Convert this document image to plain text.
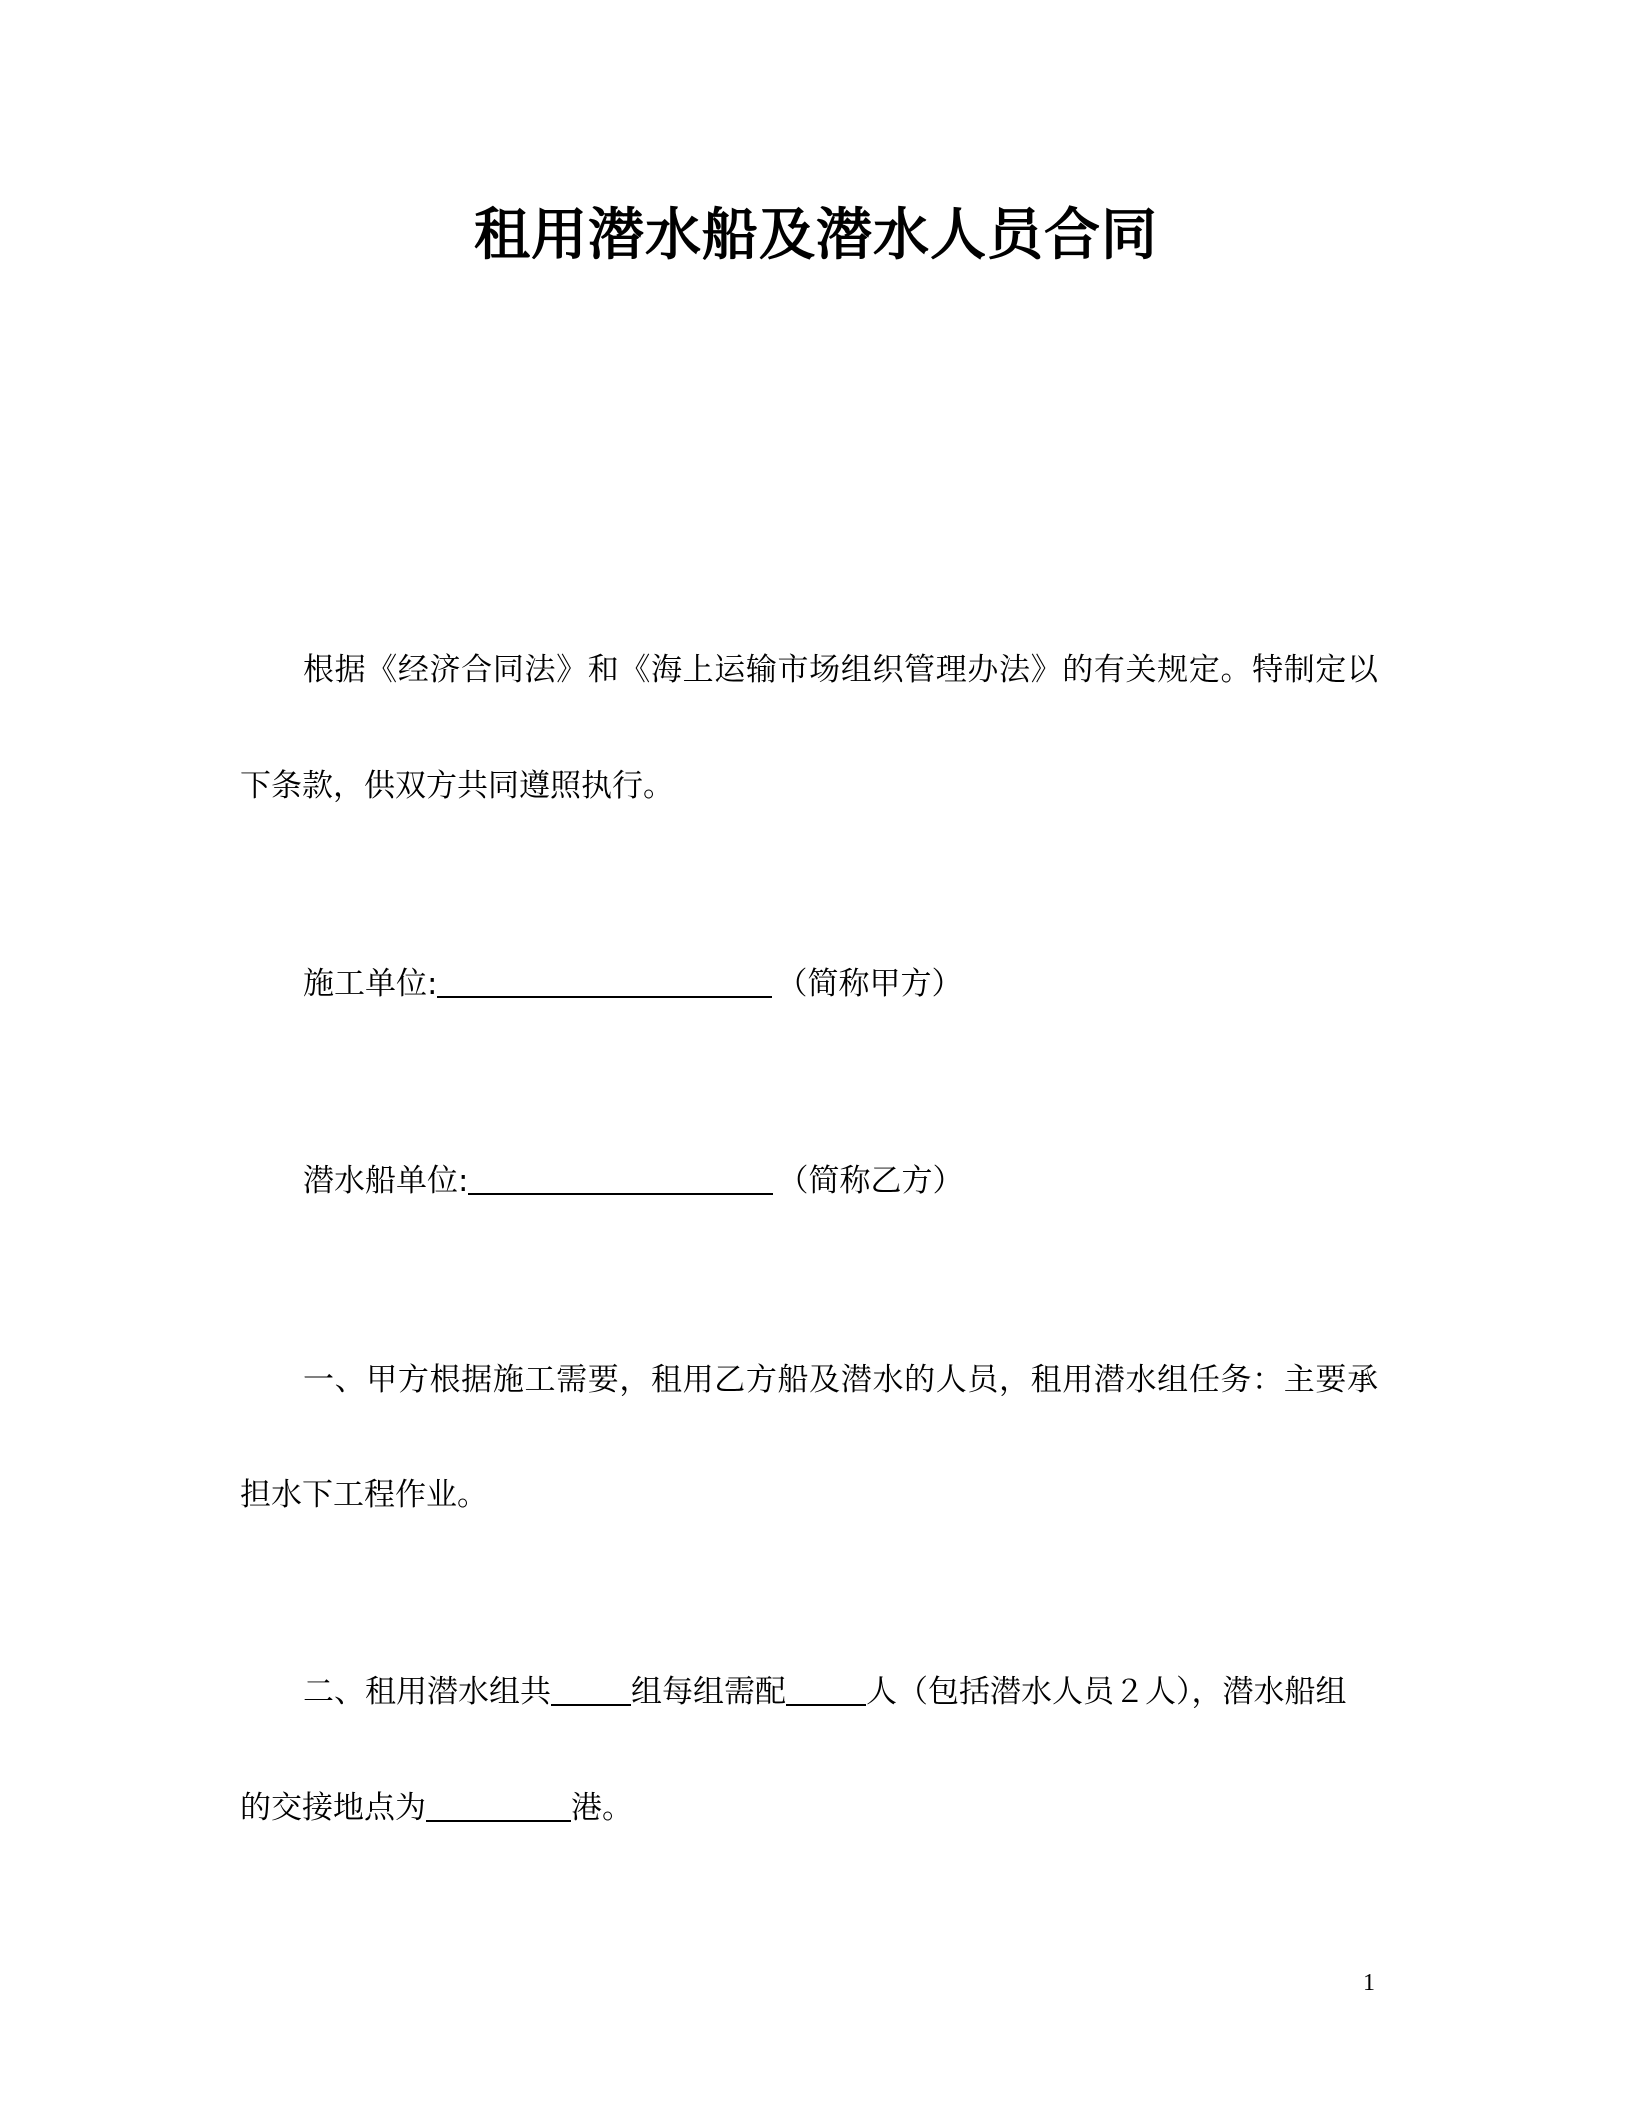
租用潜水船及潜水人员合同
根据《经济合同法》和《海上运输市场组织管理办法》的有关规定。特制定以
下条款，供双方共同遵照执行。
施工单位:	（简称甲方）
潜水船单位:	（简称乙方）
一、甲方根据施工需要，租用乙方船及潜水的人员，租用潜水组任务：主要承
担水下工程作业。
二、租用潜水组共	组每组需配	人（包括潜水人员２人），潜水船组
的交接地点为	港。
1
